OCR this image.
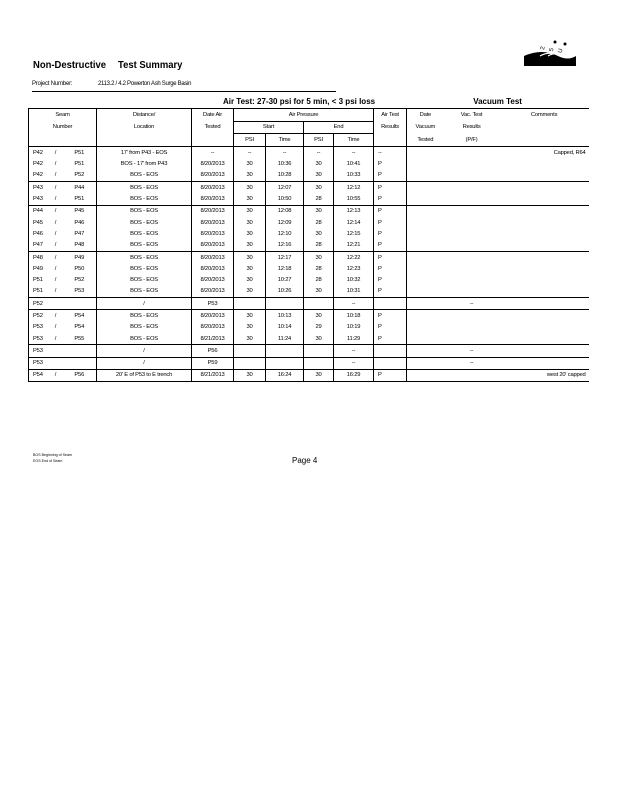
Non-Destructive Test Summary
2 5 U
Project Number:	2113.2 / 4.2 Powerton Ash Surge Basin
				Air Test: 27-30 psi for 5 min, < 3 psi loss						Vacuum Test		
Seam			Distance/	Date Air	Air Pressure				Air Test	Date	Vac. Test	Comments
Number			Location	Tested	Start		End		Results	Vacuum	Results	
					PSI	Time	PSI	Time		Tested	(P/F)	
P42	/	P51	17' from P43 - EOS	--	--	--	--	--	--			Capped, R64
P42	/	P51	BOS - 17' from P43	8/20/2013	30	10:36	30	10:41	P			
P42	/	P52	BOS - EOS	8/20/2013	30	10:28	30	10:33	P			
P43	/	P44	BOS - EOS	8/20/2013	30	12:07	30	12:12	P			
P43	/	P51	BOS - EOS	8/20/2013	30	10:50	28	10:55	P			
P44	/	P45	BOS - EOS	8/20/2013	30	12:08	30	12:13	P			
P45	/	P46	BOS - EOS	8/20/2013	30	12:09	28	12:14	P			
P46	/	P47	BOS - EOS	8/20/2013	30	12:10	30	12:15	P			
P47	/	P48	BOS - EOS	8/20/2013	30	12:16	28	12:21	P			
P48	/	P49	BOS - EOS	8/20/2013	30	12:17	30	12:22	P			
P49	/	P50	BOS - EOS	8/20/2013	30	12:18	28	12:23	P			
P51	/	P52	BOS - EOS	8/20/2013	30	10:27	28	10:32	P			
P51	/	P53	BOS - EOS	8/20/2013	30	10:26	30	10:31	P			
P52			/	P53				--			--	
P52	/	P54	BOS - EOS	8/20/2013	30	10:13	30	10:18	P			
P53	/	P54	BOS - EOS	8/20/2013	30	10:14	29	10:19	P			
P53	/	P55	BOS - EOS	8/21/2013	30	11:24	30	11:29	P			
P53			/	P56				--			--	
P53			/	P59				--			--	
P54	/	P56	20' E of P53 to E trench	8/21/2013	30	16:24	30	16:29	P			west 20' capped
BOS Beginning of Seam
EOS End of Seam	Page 4
